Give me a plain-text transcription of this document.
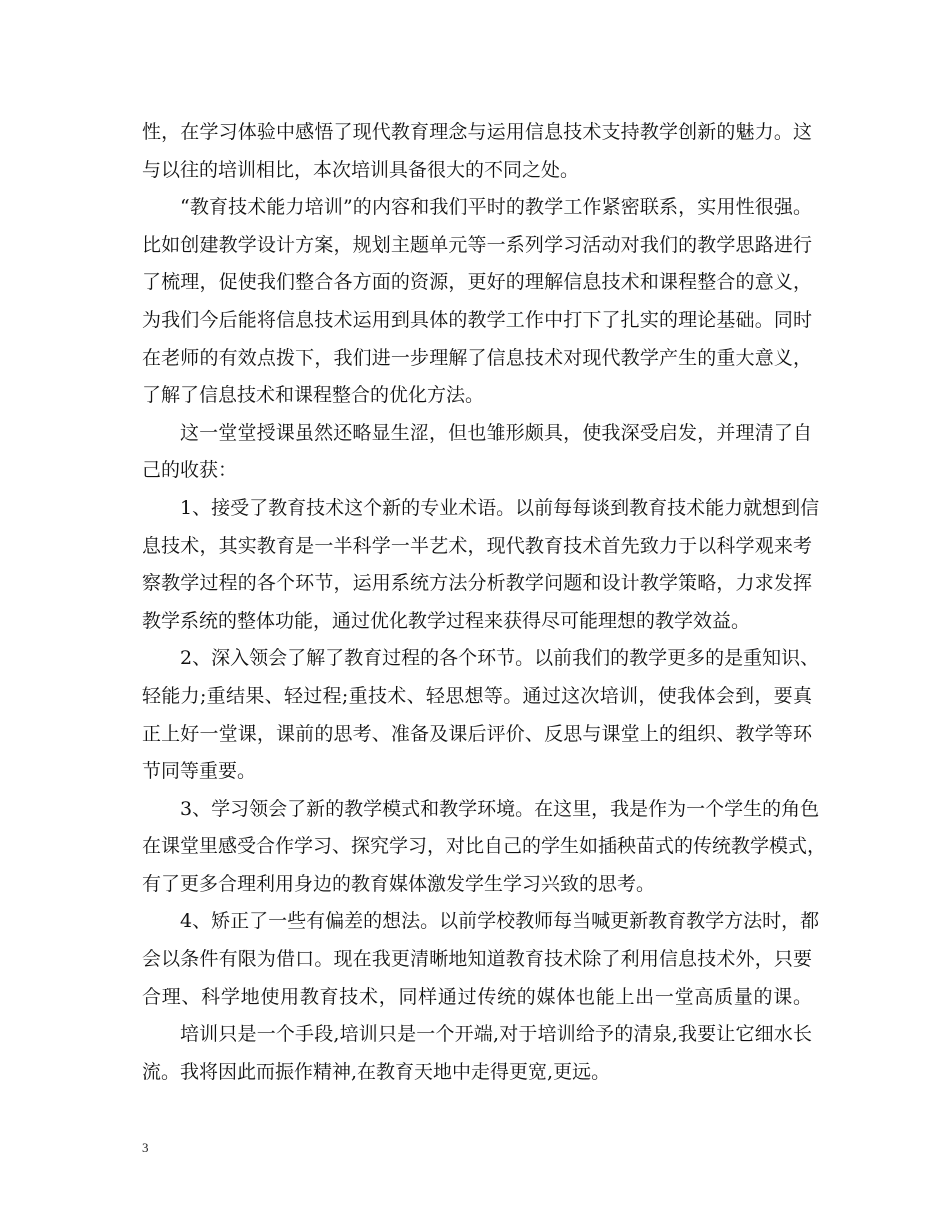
性，在学习体验中感悟了现代教育理念与运用信息技术支持教学创新的魅力。这
与以往的培训相比，本次培训具备很大的不同之处。
“教育技术能力培训”的内容和我们平时的教学工作紧密联系，实用性很强。
比如创建教学设计方案，规划主题单元等一系列学习活动对我们的教学思路进行
了梳理，促使我们整合各方面的资源，更好的理解信息技术和课程整合的意义，
为我们今后能将信息技术运用到具体的教学工作中打下了扎实的理论基础。同时
在老师的有效点拨下，我们进一步理解了信息技术对现代教学产生的重大意义，
了解了信息技术和课程整合的优化方法。
这一堂堂授课虽然还略显生涩，但也雏形颇具，使我深受启发，并理清了自
己的收获：
1、接受了教育技术这个新的专业术语。以前每每谈到教育技术能力就想到信
息技术，其实教育是一半科学一半艺术，现代教育技术首先致力于以科学观来考
察教学过程的各个环节，运用系统方法分析教学问题和设计教学策略，力求发挥
教学系统的整体功能，通过优化教学过程来获得尽可能理想的教学效益。
2、深入领会了解了教育过程的各个环节。以前我们的教学更多的是重知识、
轻能力;重结果、轻过程;重技术、轻思想等。通过这次培训，使我体会到，要真
正上好一堂课，课前的思考、准备及课后评价、反思与课堂上的组织、教学等环
节同等重要。
3、学习领会了新的教学模式和教学环境。在这里，我是作为一个学生的角色
在课堂里感受合作学习、探究学习，对比自己的学生如插秧苗式的传统教学模式，
有了更多合理利用身边的教育媒体激发学生学习兴致的思考。
4、矫正了一些有偏差的想法。以前学校教师每当喊更新教育教学方法时，都
会以条件有限为借口。现在我更清晰地知道教育技术除了利用信息技术外，只要
合理、科学地使用教育技术，同样通过传统的媒体也能上出一堂高质量的课。
培训只是一个手段,培训只是一个开端,对于培训给予的清泉,我要让它细水长
流。我将因此而振作精神,在教育天地中走得更宽,更远。
3
